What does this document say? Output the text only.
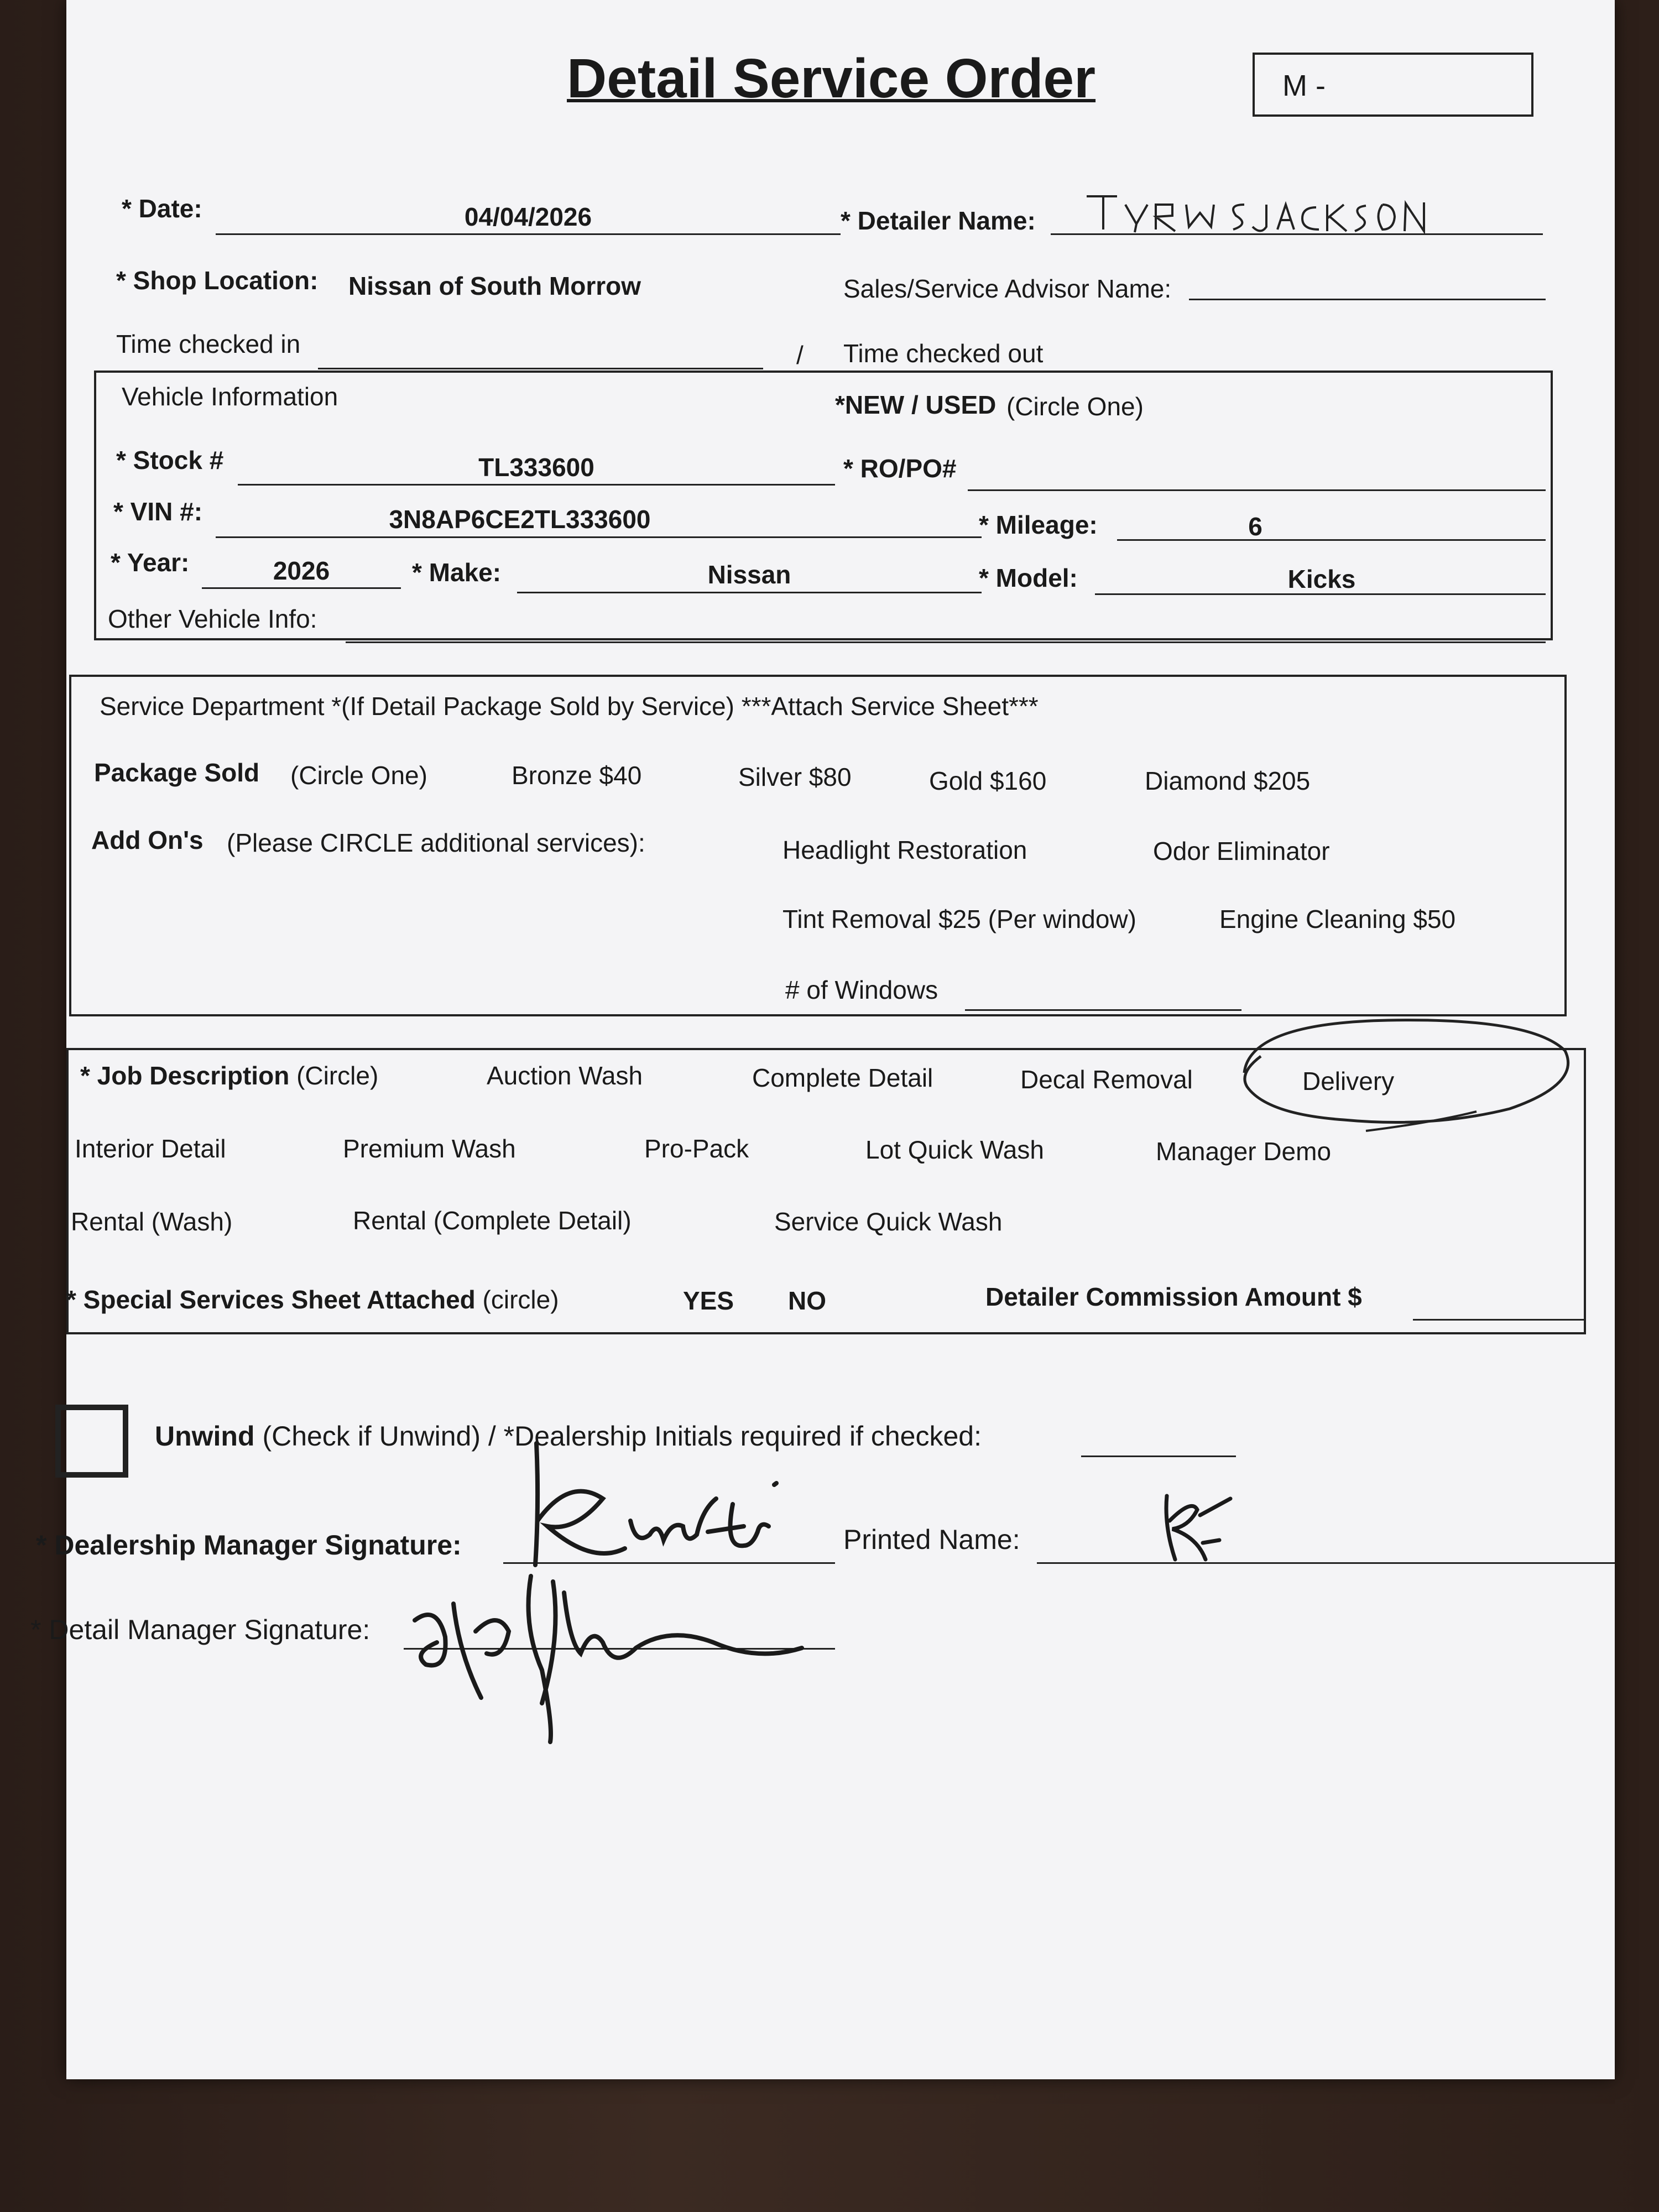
Detail Service Order	M -
* Date:	04/04/2026	* Detailer Name:
* Shop Location: Nissan of South Morrow	Sales/Service Advisor Name:
Time checked in	/ Time checked out
Vehicle Information	*NEW / USED (Circle One)
* Stock #	TL333600	* RO/PO#
* VIN #:	3N8AP6CE2TL333600	* Mileage:	6
* Year:	2026	* Make:	Nissan	* Model:	Kicks
Other Vehicle Info:
Service Department *(If Detail Package Sold by Service) ***Attach Service Sheet***
Package Sold (Circle One)	Bronze $40	Silver $80	Gold $160	Diamond $205
Add On's (Please CIRCLE additional services):	Headlight Restoration	Odor Eliminator
Tint Removal $25 (Per window)	Engine Cleaning $50
# of Windows
* Job Description (Circle)	Auction Wash	Complete Detail	Decal Removal	Delivery
Interior Detail	Premium Wash	Pro-Pack	Lot Quick Wash	Manager Demo
Rental (Wash)	Rental (Complete Detail)	Service Quick Wash
* Special Services Sheet Attached (circle)	YES NO	Detailer Commission Amount $
Unwind (Check if Unwind) / *Dealership Initials required if checked:
* Dealership Manager Signature:	Printed Name:
* Detail Manager Signature:
